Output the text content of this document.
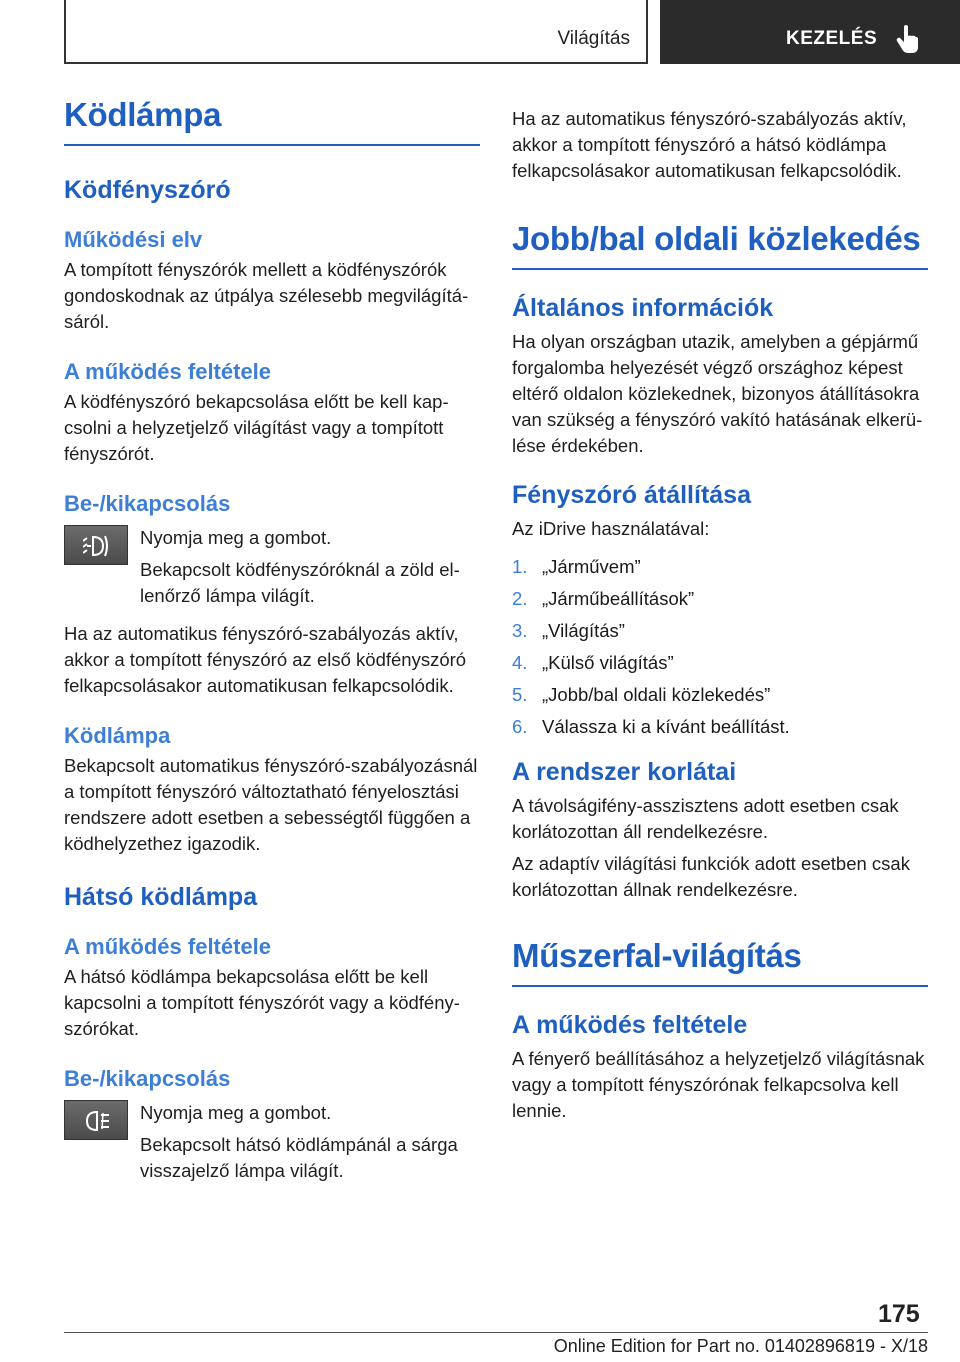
Világítás	KEZELÉS
Ködlámpa
Ködfényszóró
Működési elv

A tompított fényszórók mellett a ködfényszórók gondoskodnak az útpálya szélesebb megvilágításáról.

A működés feltétele

A ködfényszóró bekapcsolása előtt be kell kapcsolni a helyzetjelző világítást vagy a tompított fényszórót.

Be-/kikapcsolás

Nyomja meg a gombot.

Bekapcsolt ködfényszóróknál a zöld ellenőrző lámpa világít.

Ha az automatikus fényszóró-szabályozás aktív, akkor a tompított fényszóró az első ködfényszóró felkapcsolásakor automatikusan felkapcsolódik.

Ködlámpa

Bekapcsolt automatikus fényszóró-szabályozásnál a tompított fényszóró változtatható fényelosztási rendszere adott esetben a sebességtől függően a ködhelyzethez igazodik.

Hátsó ködlámpa
A működés feltétele

A hátsó ködlámpa bekapcsolása előtt be kell kapcsolni a tompított fényszórót vagy a ködfényszórókat.

Be-/kikapcsolás

Nyomja meg a gombot.

Bekapcsolt hátsó ködlámpánál a sárga visszajelző lámpa világít.

Ha az automatikus fényszóró-szabályozás aktív, akkor a tompított fényszóró a hátsó ködlámpa felkapcsolásakor automatikusan felkapcsolódik.

Jobb/bal oldali közlekedés
Általános információk

Ha olyan országban utazik, amelyben a gépjármű forgalomba helyezését végző országhoz képest eltérő oldalon közlekednek, bizonyos átállításokra van szükség a fényszóró vakító hatásának elkerülése érdekében.

Fényszóró átállítása

Az iDrive használatával:

1. „Járművem”
2. „Járműbeállítások”
3. „Világítás”
4. „Külső világítás”
5. „Jobb/bal oldali közlekedés”
6. Válassza ki a kívánt beállítást.
A rendszer korlátai

A távolságifény-asszisztens adott esetben csak korlátozottan áll rendelkezésre.

Az adaptív világítási funkciók adott esetben csak korlátozottan állnak rendelkezésre.

Műszerfal-világítás
A működés feltétele

A fényerő beállításához a helyzetjelző világításnak vagy a tompított fényszórónak felkapcsolva kell lennie.

175
Online Edition for Part no. 01402896819 - X/18
